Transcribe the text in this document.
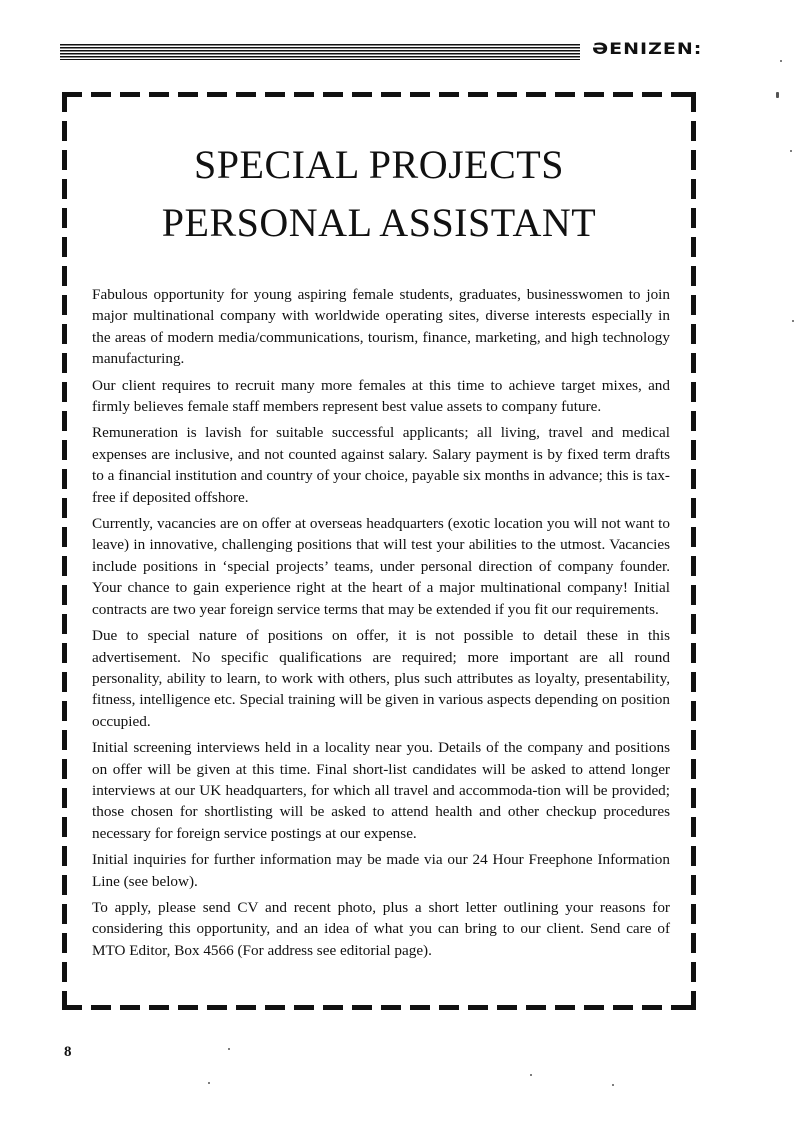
ƏENIZEN:
SPECIAL PROJECTS
PERSONAL ASSISTANT

Fabulous opportunity for young aspiring female students, graduates, businesswomen to join major multinational company with worldwide operating sites, diverse interests especially in the areas of modern media/communications, tourism, finance, marketing, and high technology manufacturing.

Our client requires to recruit many more females at this time to achieve target mixes, and firmly believes female staff members represent best value assets to company future.

Remuneration is lavish for suitable successful applicants; all living, travel and medical expenses are inclusive, and not counted against salary. Salary payment is by fixed term drafts to a financial institution and country of your choice, payable six months in advance; this is tax-free if deposited offshore.

Currently, vacancies are on offer at overseas headquarters (exotic location you will not want to leave) in innovative, challenging positions that will test your abilities to the utmost. Vacancies include positions in ‘special projects’ teams, under personal direction of company founder. Your chance to gain experience right at the heart of a major multinational company! Initial contracts are two year foreign service terms that may be extended if you fit our requirements.

Due to special nature of positions on offer, it is not possible to detail these in this advertisement. No specific qualifications are required; more important are all round personality, ability to learn, to work with others, plus such attributes as loyalty, presentability, fitness, intelligence etc. Special training will be given in various aspects depending on position occupied.

Initial screening interviews held in a locality near you. Details of the company and positions on offer will be given at this time. Final short-list candidates will be asked to attend longer interviews at our UK headquarters, for which all travel and accommoda-tion will be provided; those chosen for shortlisting will be asked to attend health and other checkup procedures necessary for foreign service postings at our expense.

Initial inquiries for further information may be made via our 24 Hour Freephone Information Line (see below).

To apply, please send CV and recent photo, plus a short letter outlining your reasons for considering this opportunity, and an idea of what you can bring to our client. Send care of MTO Editor, Box 4566 (For address see editorial page).

8
